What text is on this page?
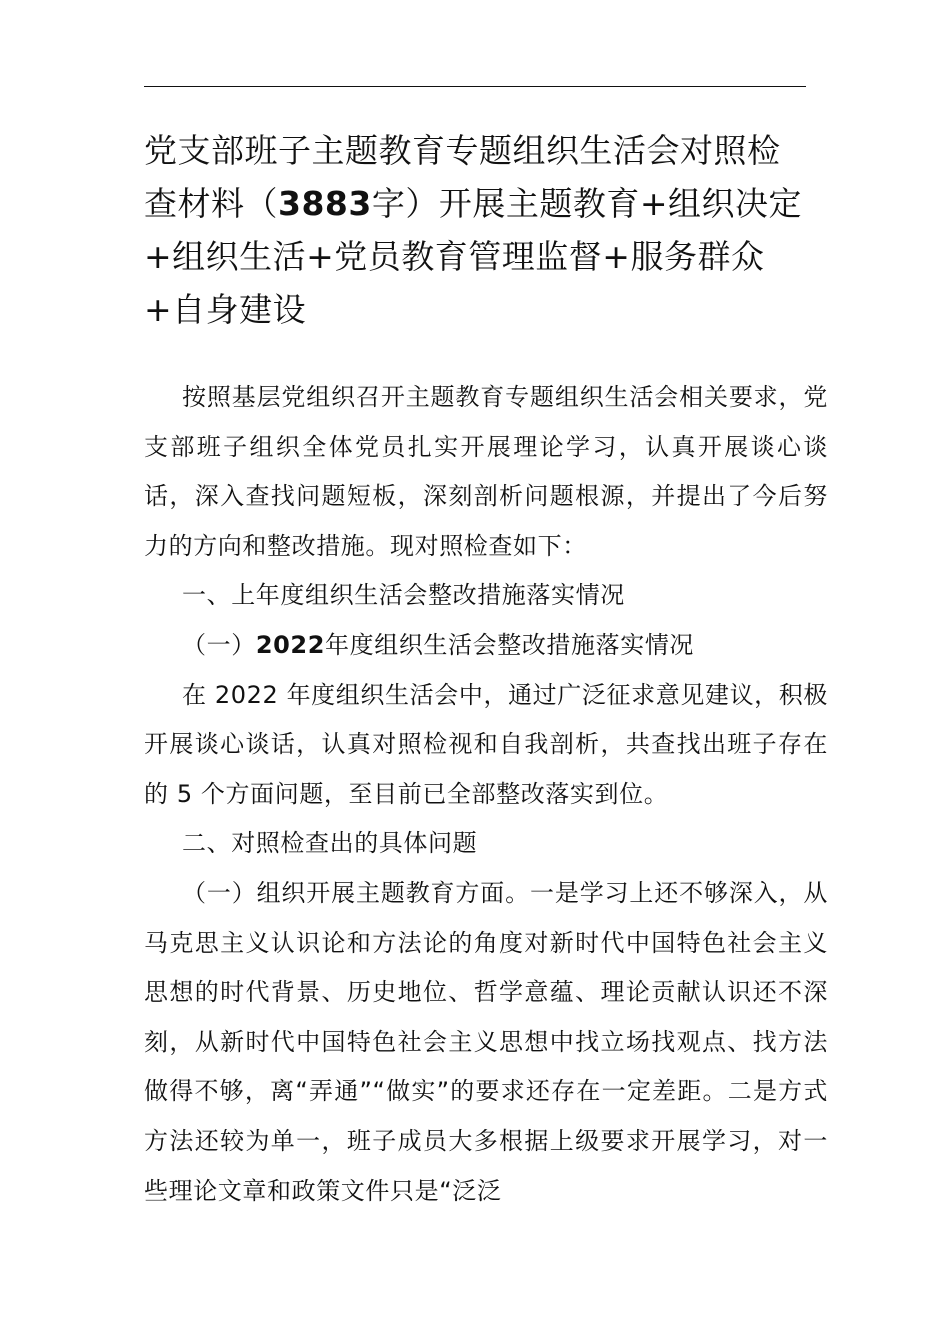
党支部班子主题教育专题组织生活会对照检查材料（3883字）开展主题教育+组织决定+组织生活+党员教育管理监督+服务群众+自身建设

按照基层党组织召开主题教育专题组织生活会相关要求，党支部班子组织全体党员扎实开展理论学习，认真开展谈心谈话，深入查找问题短板，深刻剖析问题根源，并提出了今后努力的方向和整改措施。现对照检查如下：

一、上年度组织生活会整改措施落实情况

（一）2022年度组织生活会整改措施落实情况

在 2022 年度组织生活会中，通过广泛征求意见建议，积极开展谈心谈话，认真对照检视和自我剖析，共查找出班子存在的 5 个方面问题，至目前已全部整改落实到位。

二、对照检查出的具体问题

（一）组织开展主题教育方面。一是学习上还不够深入，从马克思主义认识论和方法论的角度对新时代中国特色社会主义思想的时代背景、历史地位、哲学意蕴、理论贡献认识还不深刻，从新时代中国特色社会主义思想中找立场找观点、找方法做得不够，离“弄通”“做实”的要求还存在一定差距。二是方式方法还较为单一，班子成员大多根据上级要求开展学习，对一些理论文章和政策文件只是“泛泛
